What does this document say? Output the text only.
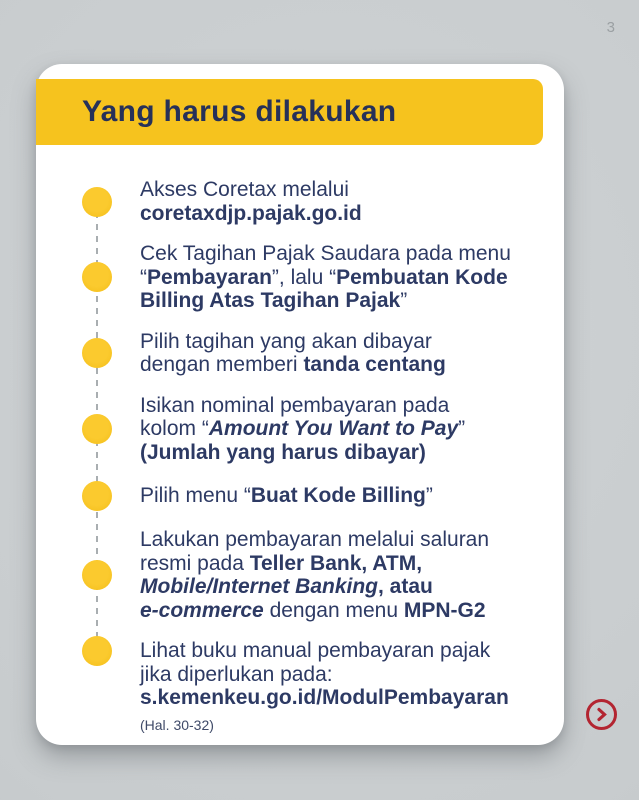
3
Yang harus dilakukan
Akses Coretax melalui
coretaxdjp.pajak.go.id
Cek Tagihan Pajak Saudara pada menu
“Pembayaran”, lalu “Pembuatan Kode
Billing Atas Tagihan Pajak”
Pilih tagihan yang akan dibayar
dengan memberi tanda centang
Isikan nominal pembayaran pada
kolom “Amount You Want to Pay”
(Jumlah yang harus dibayar)
Pilih menu “Buat Kode Billing”
Lakukan pembayaran melalui saluran
resmi pada Teller Bank, ATM,
Mobile/Internet Banking, atau
e-commerce dengan menu MPN-G2
Lihat buku manual pembayaran pajak
jika diperlukan pada:
s.kemenkeu.go.id/ModulPembayaran
(Hal. 30-32)
